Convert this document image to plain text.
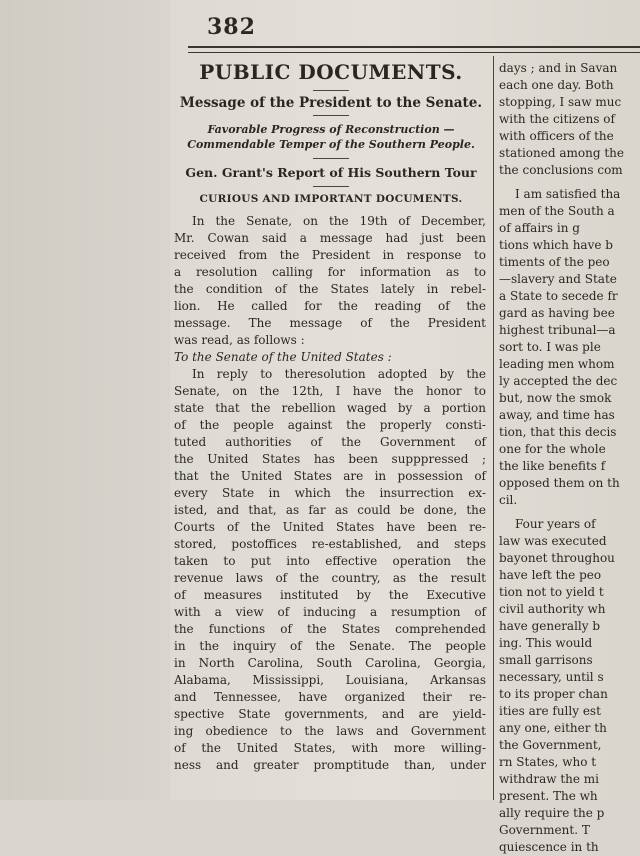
382
PUBLIC DOCUMENTS.
Message of the President to the Senate.
Favorable Progress of Reconstruction —Commendable Temper of the Southern People.
Gen. Grant's Report of His Southern Tour
CURIOUS AND IMPORTANT DOCUMENTS.
In the Senate, on the 19th of December,
Mr. Cowan said a message had just been
received from the President in response to
a resolution calling for information as to
the condition of the States lately in rebel-
lion. He called for the reading of the
message. The message of the President
was read, as follows :
To the Senate of the United States :
In reply to theresolution adopted by the
Senate, on the 12th, I have the honor to
state that the rebellion waged by a portion
of the people against the properly consti-
tuted authorities of the Government of
the United States has been supppressed ;
that the United States are in possession of
every State in which the insurrection ex-
isted, and that, as far as could be done, the
Courts of the United States have been re-
stored, postoffices re-established, and steps
taken to put into effective operation the
revenue laws of the country, as the result
of measures instituted by the Executive
with a view of inducing a resumption of
the functions of the States comprehended
in the inquiry of the Senate. The people
in North Carolina, South Carolina, Georgia,
Alabama, Mississippi, Louisiana, Arkansas
and Tennessee, have organized their re-
spective State governments, and are yield-
ing obedience to the laws and Government
of the United States, with more willing-
ness and greater promptitude than, under
days ; and in Savan
each one day. Both
stopping, I saw muc
with the citizens of
with officers of the
stationed among the
the conclusions com
I am satisfied tha
men of the South a
of affairs in g
tions which have b
timents of the peo
—slavery and State
a State to secede fr
gard as having bee
highest tribunal—a
sort to. I was ple
leading men whom
ly accepted the dec
but, now the smok
away, and time has
tion, that this decis
one for the whole
the like benefits f
opposed them on th
cil.
Four years of
law was executed
bayonet throughou
have left the peo
tion not to yield t
civil authority wh
have generally b
ing. This would
small garrisons
necessary, until s
to its proper chan
ities are fully est
any one, either th
the Government,
rn States, who t
withdraw the mi
present. The wh
ally require the p
Government. T
quiescence in th
